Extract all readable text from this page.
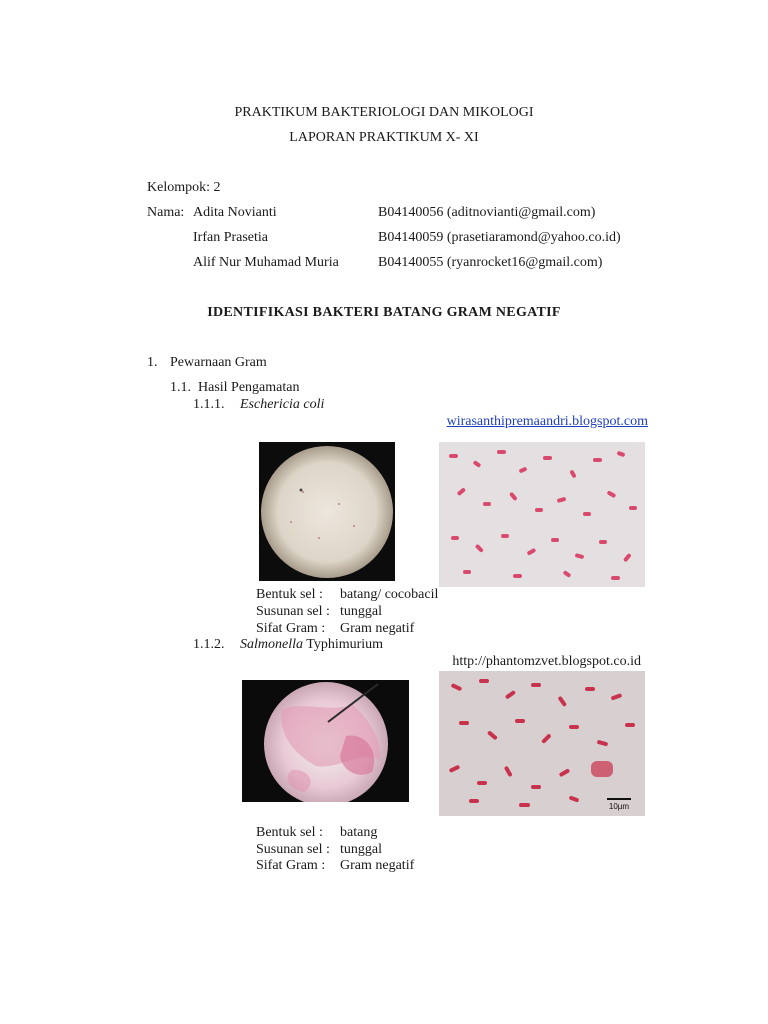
PRAKTIKUM BAKTERIOLOGI DAN MIKOLOGI
LAPORAN PRAKTIKUM X- XI
Kelompok: 2
Nama: Adita Novianti	B04140056 (aditnovianti@gmail.com)
Irfan Prasetia	B04140059 (prasetiaramond@yahoo.co.id)
Alif Nur Muhamad Muria	B04140055 (ryanrocket16@gmail.com)
IDENTIFIKASI BAKTERI BATANG GRAM NEGATIF
1. Pewarnaan Gram
1.1. Hasil Pengamatan
1.1.1. Eschericia coli
wirasanthipremaandri.blogspot.com
Bentuk sel : batang/ cocobacil
Susunan sel : tunggal
Sifat Gram : Gram negatif
1.1.2. Salmonella Typhimurium
http://phantomzvet.blogspot.co.id
10µm
Bentuk sel : batang
Susunan sel : tunggal
Sifat Gram : Gram negatif
